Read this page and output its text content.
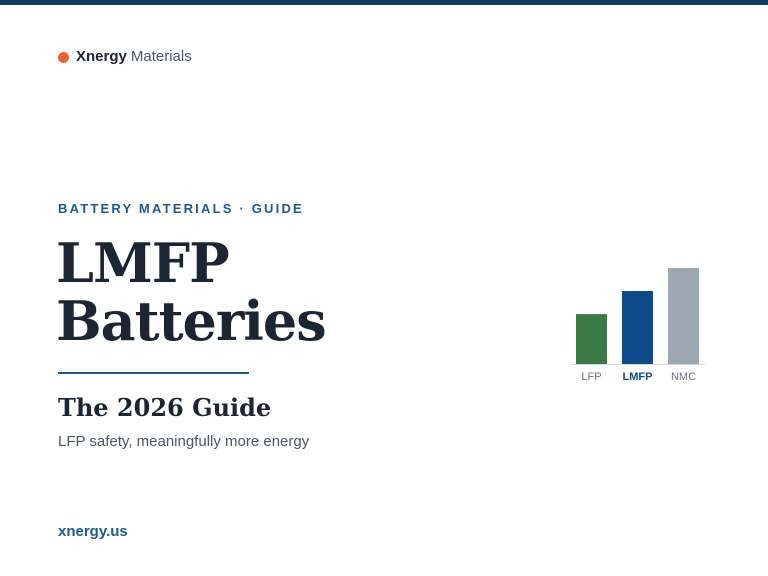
Xnergy Materials
BATTERY MATERIALS · GUIDE
LMFP
Batteries
The 2026 Guide
LFP safety, meaningfully more energy
xnergy.us
LFP LMFP NMC
